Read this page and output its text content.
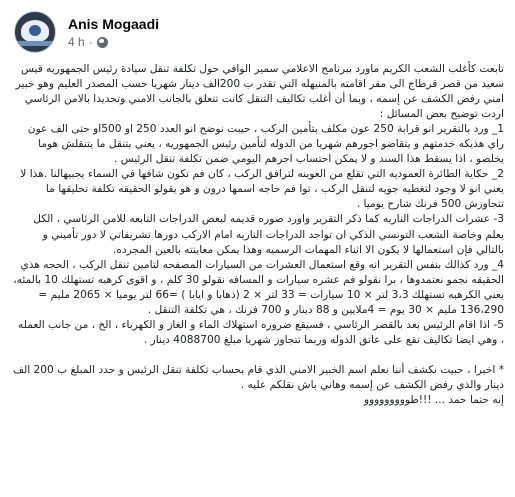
Anis Mogaadi
4 h ·

تابعت كأغلب الشعب الكريم ماورد ببرنامج الاعلامي سمير الوافي حول تكلفة تنقل سيادة رئيس الجمهوريه قيس سعيد من قصر قرطاج الى مقر اقامته بالمنيهله التي تقدر ب 200الف دينار شهريا حسب المصدر العليم وهو خبير امني رفض الكشف عن إسمه ، وبما أن أغلب تكاليف التنقل كانت تتعلق بالجانب الامني وتحديدا بالامن الرئاسي اردت توضيح بعض المسائل :

1_ ورد بالتقرير انو قرابة 250 عون مكلف بتأمين الركب ، حيبت نوضح انو العدد 250 او 500او حتى الف عون راي هذيكه خدمتهم و يتقاضو اجورهم شهريا من الدوله لتأمين رئيس الجمهوريه ، يعني يتنقل ما يتنقلش هوما يخلصو ، اذا يسقط هذا السند و لا يمكن احتساب اجرهم اليومي ضمن تكلفة تنقل الرئيس .

2_ حكاية الطائرة العموديه التي تقلع من العوينه لترافق الركب ، كان فم تكون شافها في السماء يجبيهالنا .هذا لا يعني انو لا وجود لتغطيه جويه لتنقل الركب ، توا فم حاجه اسمها درون و هو يقولو الحقيقه تكلفة تحليقها ما تتجاوزش 500 فرنك شارح يوميا .

3- عشرات الدراجات الناريه كما ذكر التقرير واورد صوره قديمه لبعض الدراجات التابعه للامن الرئاسي ، الكل يعلم وخاصة الشعب التونسي الذكي ان تواجد الدراجات الناريه امام الاركب دورها تشريفاتي لا دور تأميني و بالتالي فإن استعمالها لا يكون الا اثناء المهمات الرسميه وهذا يمكن معاينته بالعين المجرده.

4_ ورد كذالك بنفس التقرير انه وقع استعمال العشرات من السيارات المصفحه لتامين تنقل الركب ، الحجه هذي الحقيقه نجمو نعتمدوها ، برا نقولو فم عشره سيارات و المسافه نقولو 30 كلم ، و اقوى كرهبه تستهلك 10 بالمئه، يعني الكرهبه تستهلك 3،3 لتر × 10 سيارات = 33 لتر × 2 (ذهابا و ايابا ) =66 لتر يوميا × 2065 مليم = 136،290 مليم × 30 يوم = 4ملايين و 88 دينار و 700 فرنك ، هي تكلفة التنقل .

5- اذا اقام الرئيس بعد بالقصر الرئاسي ، فسيقع ضروره استهلاك الماء و الغاز و الكهرباء ، الخ ، من جانب العمله ، وهي ايضا تكاليف تقع على عاتق الدوله وربما تتجاوز شهريا مبلغ 4088700 دينار .

* اخيرا ، حبيت نكشف أننا نعلم اسم الخبير الامني الذي قام بحساب تكلفة تنقل الرئيس و حدد المبلغ ب 200 الف دينار والذي رفض الكشف عن إسمه وهاني باش نقلكم عليه .

إنه حتما حمد ... !!!طووووووووو
